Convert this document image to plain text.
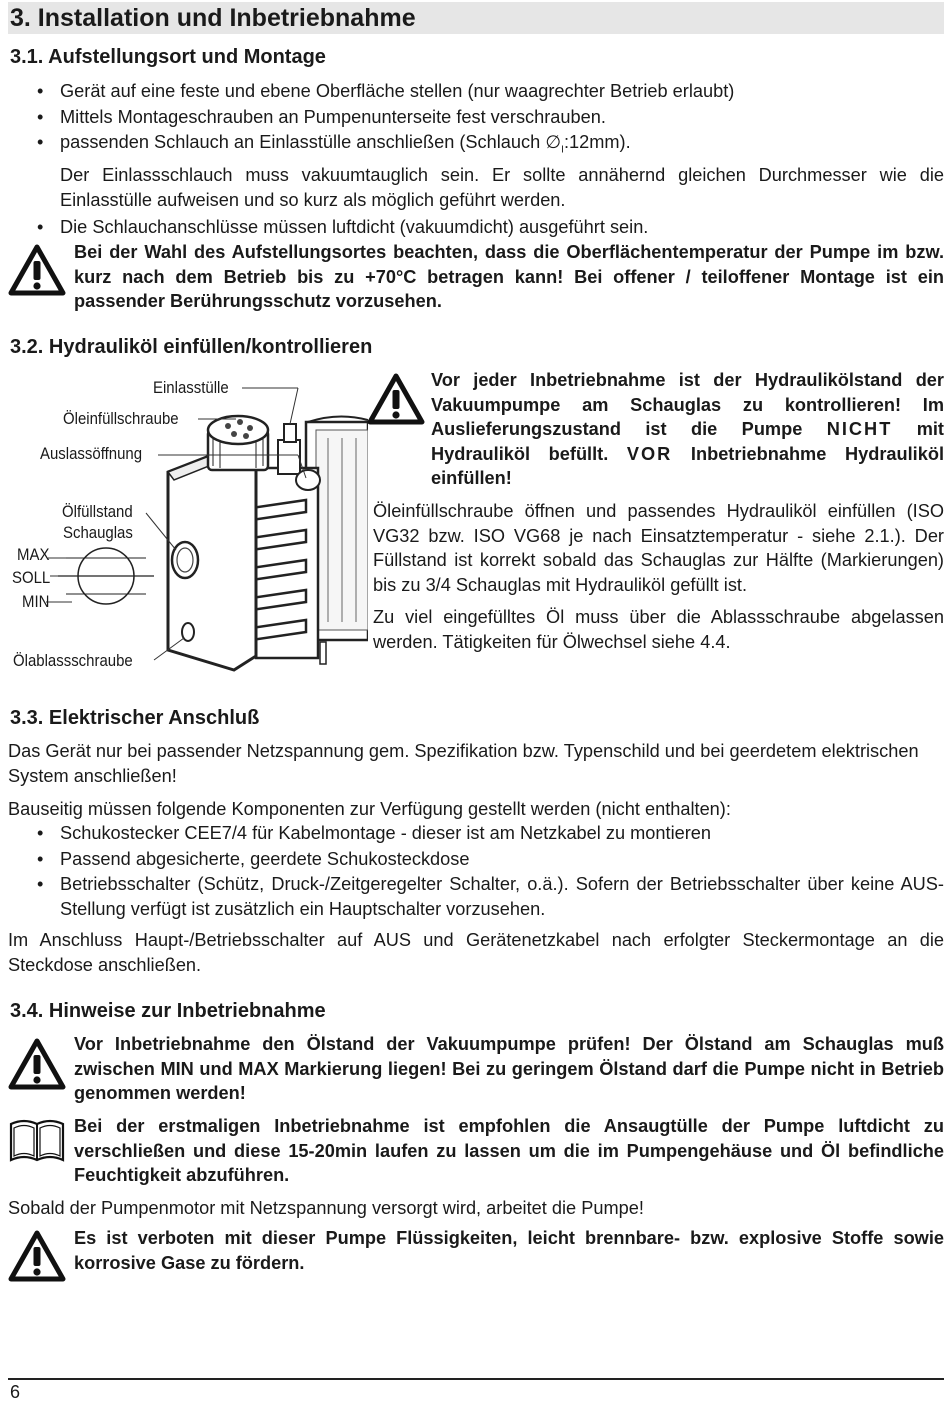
3. Installation und Inbetriebnahme
3.1. Aufstellungsort und Montage
• Gerät auf eine feste und ebene Oberfläche stellen (nur waagrechter Betrieb erlaubt)
• Mittels Montageschrauben an Pumpenunterseite fest verschrauben.
• passenden Schlauch an Einlasstülle anschließen (Schlauch $\emptyset_I:12mm$).
Der Einlassschlauch muss vakuumtauglich sein. Er sollte annähernd gleichen Durchmesser wie die Einlasstülle aufweisen und so kurz als möglich geführt werden.
• Die Schlauchanschlüsse müssen luftdicht (vakuumdicht) ausgeführt sein.

Bei der Wahl des Aufstellungsortes beachten, dass die Oberflächentemperatur der Pumpe im bzw. kurz nach dem Betrieb bis zu +70°C betragen kann! Bei offener / teiloffener Montage ist ein passender Berührungsschutz vorzusehen.

3.2. Hydrauliköl einfüllen/kontrollieren
Einlasstülle
Öleinfüllschraube
Auslassöffnung
Ölfüllstand
Schauglas
MAX
SOLL
MIN
Ölablassschraube

Vor jeder Inbetriebnahme ist der Hydraulikölstand der Vakuumpumpe am Schauglas zu kontrollieren! Im Auslieferungszustand ist die Pumpe NICHT mit Hydrauliköl befüllt. VOR Inbetriebnahme Hydrauliköl einfüllen!

Öleinfüllschraube öffnen und passendes Hydrauliköl einfüllen (ISO VG32 bzw. ISO VG68 je nach Einsatztemperatur - siehe 2.1.). Der Füllstand ist korrekt sobald das Schauglas zur Hälfte (Markierungen) bis zu 3/4 Schauglas mit Hydrauliköl gefüllt ist.

Zu viel eingefülltes Öl muss über die Ablassschraube abgelassen werden. Tätigkeiten für Ölwechsel siehe 4.4.

3.3. Elektrischer Anschluß

Das Gerät nur bei passender Netzspannung gem. Spezifikation bzw. Typenschild und bei geerdetem elektrischen System anschließen!

Bauseitig müssen folgende Komponenten zur Verfügung gestellt werden (nicht enthalten):

• Schukostecker CEE7/4 für Kabelmontage - dieser ist am Netzkabel zu montieren
• Passend abgesicherte, geerdete Schukosteckdose
• Betriebsschalter (Schütz, Druck-/Zeitgeregelter Schalter, o.ä.). Sofern der Betriebsschalter über keine AUS-Stellung verfügt ist zusätzlich ein Hauptschalter vorzusehen.

Im Anschluss Haupt-/Betriebsschalter auf AUS und Gerätenetzkabel nach erfolgter Steckermontage an die Steckdose anschließen.

3.4. Hinweise zur Inbetriebnahme

Vor Inbetriebnahme den Ölstand der Vakuumpumpe prüfen! Der Ölstand am Schauglas muß zwischen MIN und MAX Markierung liegen! Bei zu geringem Ölstand darf die Pumpe nicht in Betrieb genommen werden!

Bei der erstmaligen Inbetriebnahme ist empfohlen die Ansaugtülle der Pumpe luftdicht zu verschließen und diese 15-20min laufen zu lassen um die im Pumpengehäuse und Öl befindliche Feuchtigkeit abzuführen.

Sobald der Pumpenmotor mit Netzspannung versorgt wird, arbeitet die Pumpe!

Es ist verboten mit dieser Pumpe Flüssigkeiten, leicht brennbare- bzw. explosive Stoffe sowie korrosive Gase zu fördern.

6
